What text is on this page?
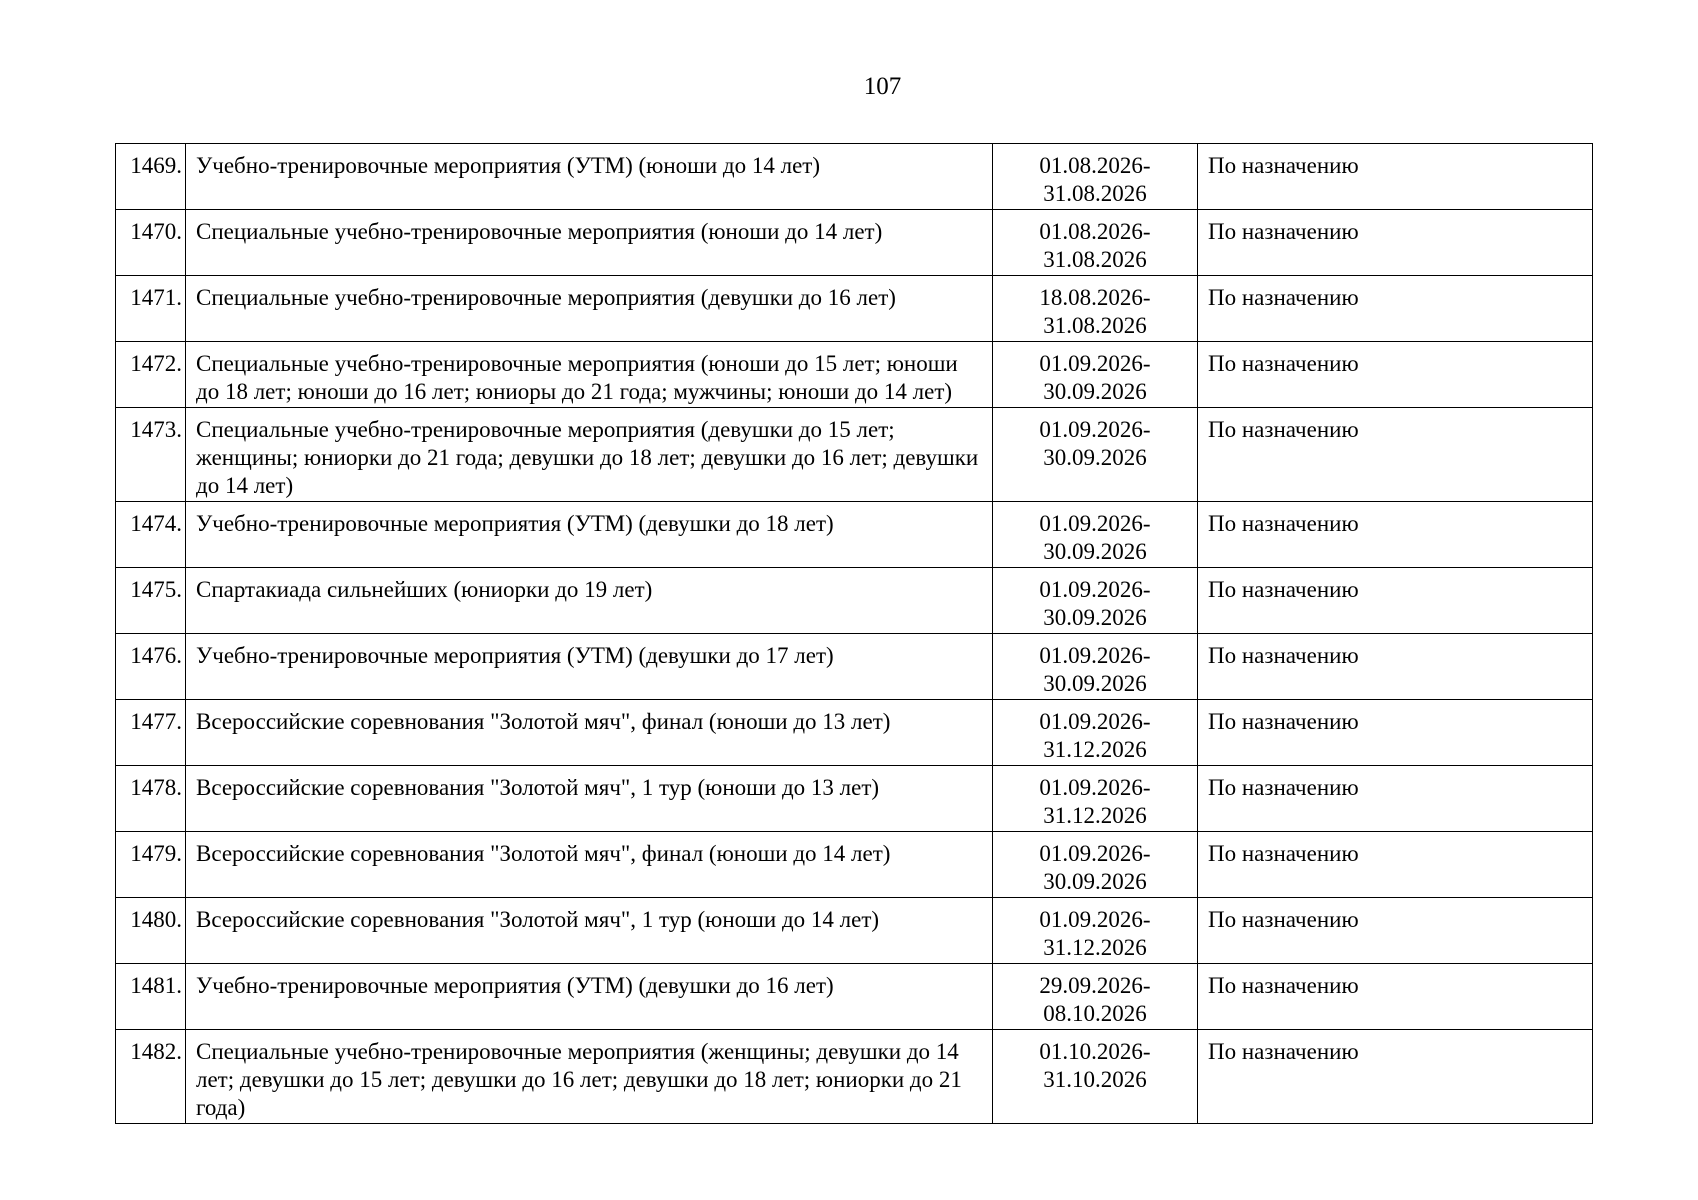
107
1469.	Учебно-тренировочные мероприятия (УТМ) (юноши до 14 лет)	01.08.2026-
31.08.2026	По назначению
1470.	Специальные учебно-тренировочные мероприятия (юноши до 14 лет)	01.08.2026-
31.08.2026	По назначению
1471.	Специальные учебно-тренировочные мероприятия (девушки до 16 лет)	18.08.2026-
31.08.2026	По назначению
1472.	Специальные учебно-тренировочные мероприятия (юноши до 15 лет; юноши до 18 лет; юноши до 16 лет; юниоры до 21 года; мужчины; юноши до 14 лет)	01.09.2026-
30.09.2026	По назначению
1473.	Специальные учебно-тренировочные мероприятия (девушки до 15 лет; женщины; юниорки до 21 года; девушки до 18 лет; девушки до 16 лет; девушки до 14 лет)	01.09.2026-
30.09.2026	По назначению
1474.	Учебно-тренировочные мероприятия (УТМ) (девушки до 18 лет)	01.09.2026-
30.09.2026	По назначению
1475.	Спартакиада сильнейших (юниорки до 19 лет)	01.09.2026-
30.09.2026	По назначению
1476.	Учебно-тренировочные мероприятия (УТМ) (девушки до 17 лет)	01.09.2026-
30.09.2026	По назначению
1477.	Всероссийские соревнования "Золотой мяч", финал (юноши до 13 лет)	01.09.2026-
31.12.2026	По назначению
1478.	Всероссийские соревнования "Золотой мяч", 1 тур (юноши до 13 лет)	01.09.2026-
31.12.2026	По назначению
1479.	Всероссийские соревнования "Золотой мяч", финал (юноши до 14 лет)	01.09.2026-
30.09.2026	По назначению
1480.	Всероссийские соревнования "Золотой мяч", 1 тур (юноши до 14 лет)	01.09.2026-
31.12.2026	По назначению
1481.	Учебно-тренировочные мероприятия (УТМ) (девушки до 16 лет)	29.09.2026-
08.10.2026	По назначению
1482.	Специальные учебно-тренировочные мероприятия (женщины; девушки до 14 лет; девушки до 15 лет; девушки до 16 лет; девушки до 18 лет; юниорки до 21 года)	01.10.2026-
31.10.2026	По назначению
